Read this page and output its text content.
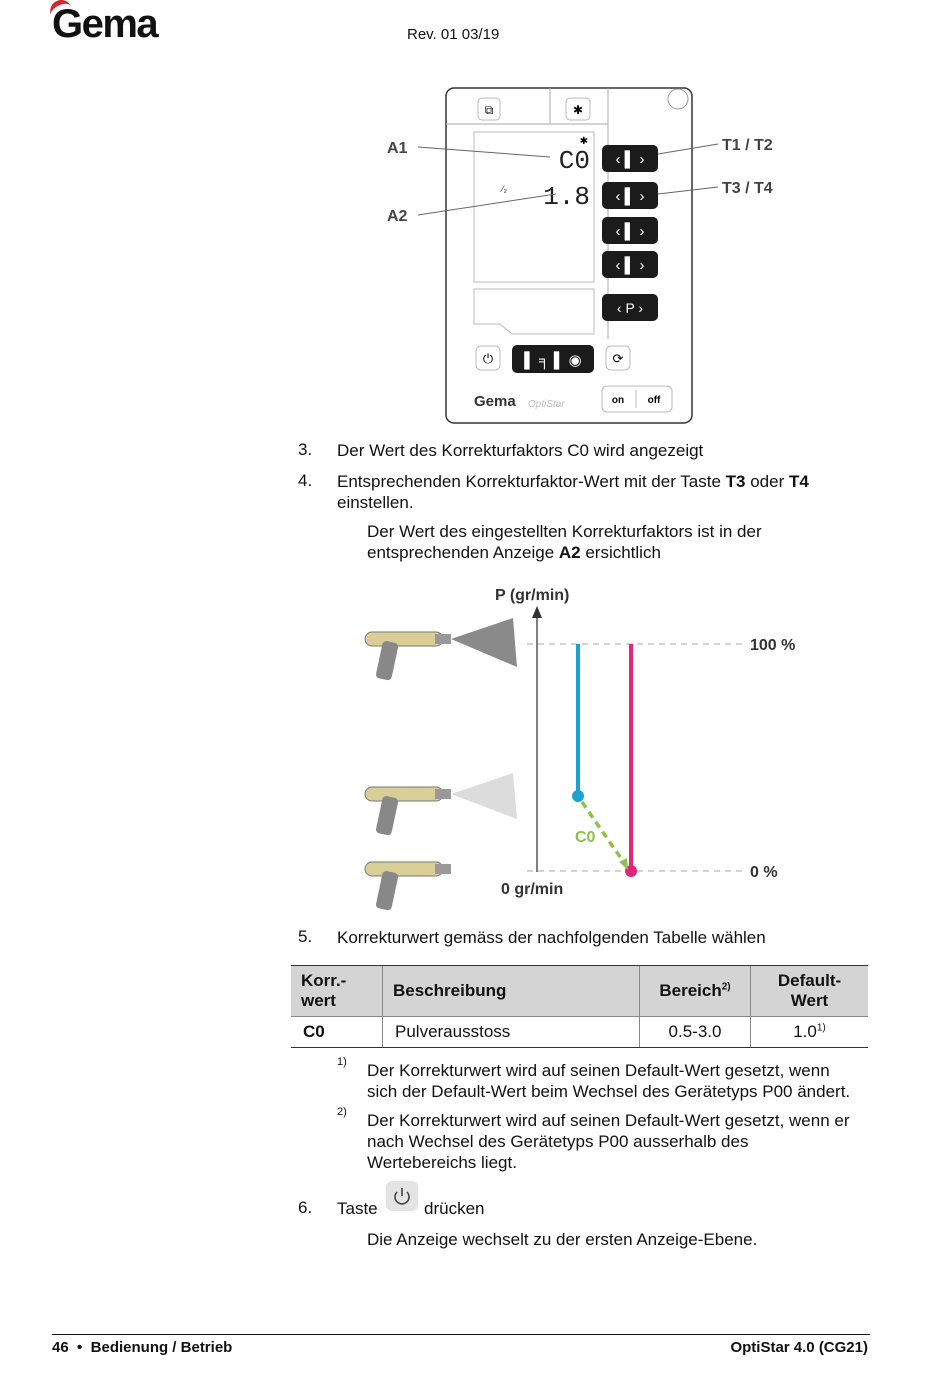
Gema	Rev. 01 03/19
⧉	✱
✱
C0
1.8
⁄₂
‹ ▌ ›
‹ ▌ ›
‹ ▌ ›
‹ ▌ ›
‹ P ›
⏻ ▌ ╕ ▌ ◉ ⟳
Gema OptiStar	on off
A1
A2
T1 / T2
T3 / T4
3. Der Wert des Korrekturfaktors C0 wird angezeigt
4. Entsprechenden Korrekturfaktor-Wert mit der Taste T3 oder T4
einstellen.
Der Wert des eingestellten Korrekturfaktors ist in der
entsprechenden Anzeige A2 ersichtlich
P (gr/min)
100 %
0 %
0 gr/min
C0
5. Korrekturwert gemäss der nachfolgenden Tabelle wählen
Korr.-
wert	Beschreibung	Bereich$^{2)}$	Default-
Wert
C0	Pulverausstoss	0.5-3.0	1.0$^{1)}$
1) Der Korrekturwert wird auf seinen Default-Wert gesetzt, wenn
sich der Default-Wert beim Wechsel des Gerätetyps P00 ändert.
2) Der Korrekturwert wird auf seinen Default-Wert gesetzt, wenn er
nach Wechsel des Gerätetyps P00 ausserhalb des
Wertebereichs liegt.
6. Taste	drücken
Die Anzeige wechselt zu der ersten Anzeige-Ebene.
46 • Bedienung / Betrieb	OptiStar 4.0 (CG21)
